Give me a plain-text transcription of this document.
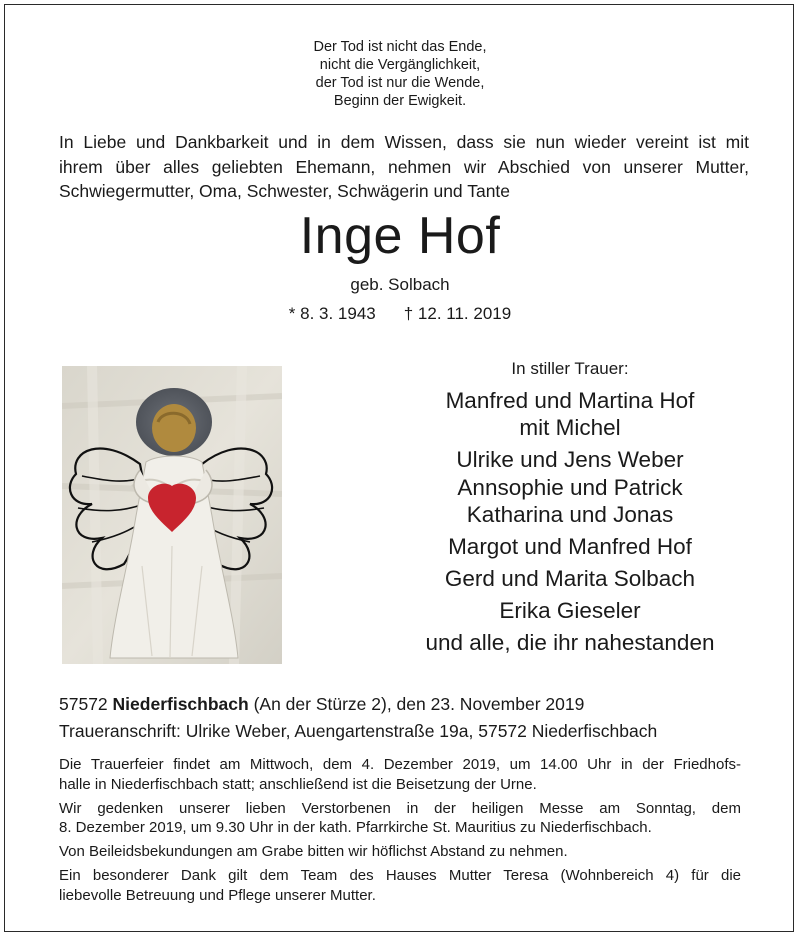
Der Tod ist nicht das Ende,
nicht die Vergänglichkeit,
der Tod ist nur die Wende,
Beginn der Ewigkeit.
In Liebe und Dankbarkeit und in dem Wissen, dass sie nun wieder vereint ist mit
ihrem über alles geliebten Ehemann, nehmen wir Abschied von unserer Mutter,
Schwiegermutter, Oma, Schwester, Schwägerin und Tante
Inge Hof
geb. Solbach
* 8. 3. 1943 † 12. 11. 2019
In stiller Trauer:
Manfred und Martina Hof
mit Michel
Ulrike und Jens Weber
Annsophie und Patrick
Katharina und Jonas
Margot und Manfred Hof
Gerd und Marita Solbach
Erika Gieseler
und alle, die ihr nahestanden
57572 Niederfischbach (An der Stürze 2), den 23. November 2019
Traueranschrift: Ulrike Weber, Auengartenstraße 19a, 57572 Niederfischbach

Die Trauerfeier findet am Mittwoch, dem 4. Dezember 2019, um 14.00 Uhr in der Friedhofs-
halle in Niederfischbach statt; anschließend ist die Beisetzung der Urne.

Wir gedenken unserer lieben Verstorbenen in der heiligen Messe am Sonntag, dem
8. Dezember 2019, um 9.30 Uhr in der kath. Pfarrkirche St. Mauritius zu Niederfischbach.

Von Beileidsbekundungen am Grabe bitten wir höflichst Abstand zu nehmen.

Ein besonderer Dank gilt dem Team des Hauses Mutter Teresa (Wohnbereich 4) für die
liebevolle Betreuung und Pflege unserer Mutter.
